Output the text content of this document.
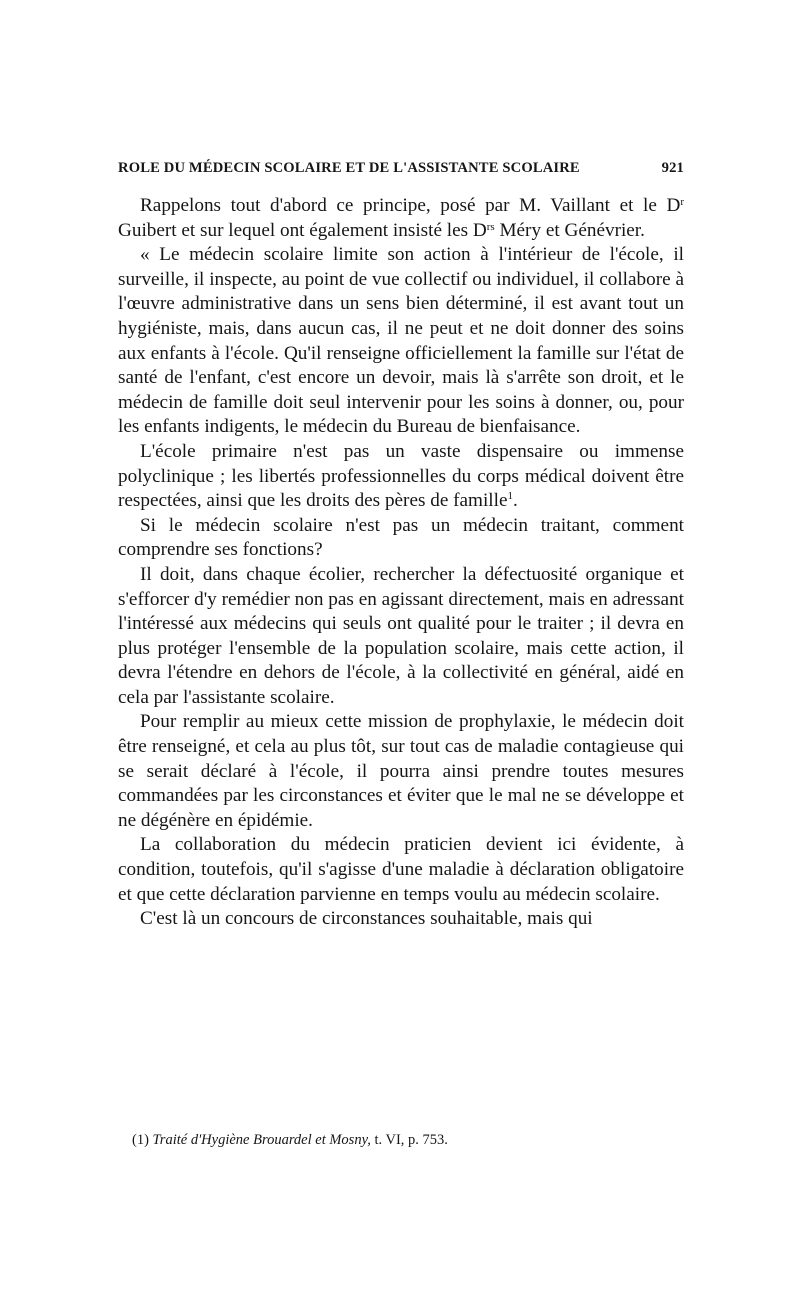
ROLE DU MÉDECIN SCOLAIRE ET DE L'ASSISTANTE SCOLAIRE	921

Rappelons tout d'abord ce principe, posé par M. Vaillant et le $D^r$ Guibert et sur lequel ont également insisté les $D^{rs}$ Méry et Génévrier.

« Le médecin scolaire limite son action à l'intérieur de l'école, il surveille, il inspecte, au point de vue collectif ou individuel, il collabore à l'œuvre administrative dans un sens bien déterminé, il est avant tout un hygiéniste, mais, dans aucun cas, il ne peut et ne doit donner des soins aux enfants à l'école. Qu'il renseigne officiellement la famille sur l'état de santé de l'enfant, c'est encore un devoir, mais là s'arrête son droit, et le médecin de famille doit seul intervenir pour les soins à donner, ou, pour les enfants indigents, le médecin du Bureau de bienfaisance.

L'école primaire n'est pas un vaste dispensaire ou immense polyclinique ; les libertés professionnelles du corps médical doivent être respectées, ainsi que les droits des pères de famille$^1$.

Si le médecin scolaire n'est pas un médecin traitant, comment comprendre ses fonctions?

Il doit, dans chaque écolier, rechercher la défectuosité organique et s'efforcer d'y remédier non pas en agissant directement, mais en adressant l'intéressé aux médecins qui seuls ont qualité pour le traiter ; il devra en plus protéger l'ensemble de la population scolaire, mais cette action, il devra l'étendre en dehors de l'école, à la collectivité en général, aidé en cela par l'assistante scolaire.

Pour remplir au mieux cette mission de prophylaxie, le médecin doit être renseigné, et cela au plus tôt, sur tout cas de maladie contagieuse qui se serait déclaré à l'école, il pourra ainsi prendre toutes mesures commandées par les circonstances et éviter que le mal ne se développe et ne dégénère en épidémie.

La collaboration du médecin praticien devient ici évidente, à condition, toutefois, qu'il s'agisse d'une maladie à déclaration obligatoire et que cette déclaration parvienne en temps voulu au médecin scolaire.

C'est là un concours de circonstances souhaitable, mais qui

(1) Traité d'Hygiène Brouardel et Mosny, t. VI, p. 753.
